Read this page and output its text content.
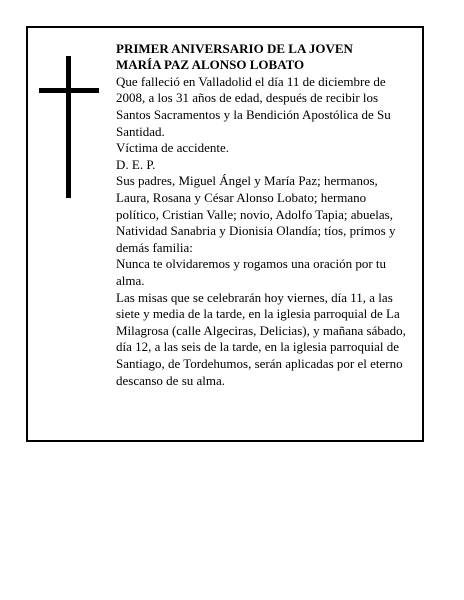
PRIMER ANIVERSARIO DE LA JOVEN
MARÍA PAZ ALONSO LOBATO

Que falleció en Valladolid el día 11 de diciembre de 2008, a los 31 años de edad, después de recibir los Santos Sacramentos y la Bendición Apostólica de Su Santidad.

Víctima de accidente.

D. E. P.

Sus padres, Miguel Ángel y María Paz; hermanos, Laura, Rosana y César Alonso Lobato; hermano político, Cristian Valle; novio, Adolfo Tapia; abuelas, Natividad Sanabria y Dionisia Olandía; tíos, primos y demás familia:

Nunca te olvidaremos y rogamos una oración por tu alma.

Las misas que se celebrarán hoy viernes, día 11, a las siete y media de la tarde, en la iglesia parroquial de La Milagrosa (calle Algeciras, Delicias), y mañana sábado, día 12, a las seis de la tarde, en la iglesia parroquial de Santiago, de Tordehumos, serán aplicadas por el eterno descanso de su alma.
